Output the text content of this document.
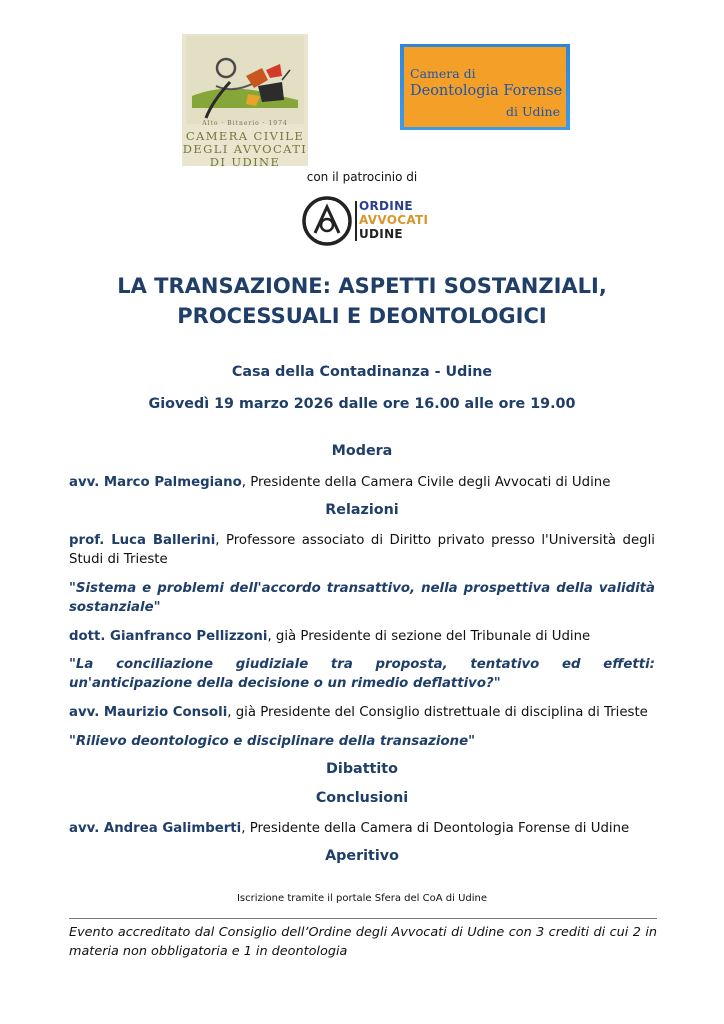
Alto · Bitnerio · 1974
CAMERA CIVILE
DEGLI AVVOCATI
DI UDINE
Camera di
Deontologia Forense
di Udine
con il patrocinio di
ORDINE
AVVOCATI
UDINE
LA TRANSAZIONE: ASPETTI SOSTANZIALI,
PROCESSUALI E DEONTOLOGICI
Casa della Contadinanza - Udine
Giovedì 19 marzo 2026 dalle ore 16.00 alle ore 19.00
Modera
avv. Marco Palmegiano, Presidente della Camera Civile degli Avvocati di Udine
Relazioni
prof. Luca Ballerini, Professore associato di Diritto privato presso l'Università degli Studi di Trieste
"Sistema e problemi dell'accordo transattivo, nella prospettiva della validità sostanziale"
dott. Gianfranco Pellizzoni, già Presidente di sezione del Tribunale di Udine
"La conciliazione giudiziale tra proposta, tentativo ed effetti: un'anticipazione della decisione o un rimedio deflattivo?"
avv. Maurizio Consoli, già Presidente del Consiglio distrettuale di disciplina di Trieste
"Rilievo deontologico e disciplinare della transazione"
Dibattito
Conclusioni
avv. Andrea Galimberti, Presidente della Camera di Deontologia Forense di Udine
Aperitivo
Iscrizione tramite il portale Sfera del CoA di Udine
Evento accreditato dal Consiglio dell’Ordine degli Avvocati di Udine con 3 crediti di cui 2 in materia non obbligatoria e 1 in deontologia
